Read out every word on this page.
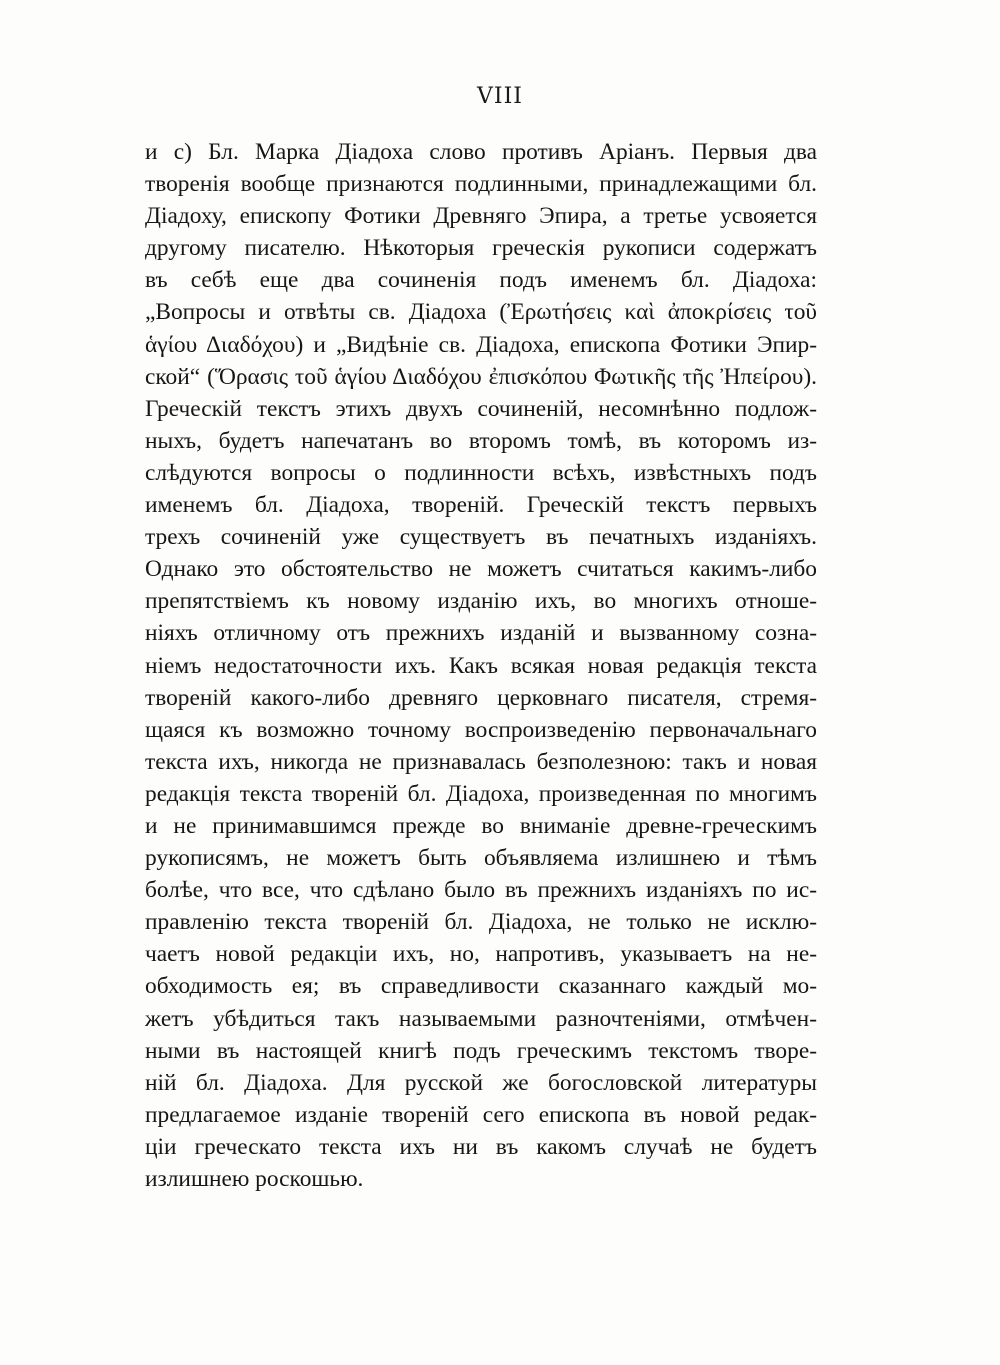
VIII
и с) Бл. Марка Діадоха слово противъ Аріанъ. Первыя два
творенія вообще признаются подлинными, принадлежащими бл.
Діадоху, епископу Фотики Древняго Эпира, а третье усвояется
другому писателю. Нѣкоторыя греческія рукописи содержатъ
въ себѣ еще два сочиненія подъ именемъ бл. Діадоха:
„Вопросы и отвѣты св. Діадоха (Ἐρωτήσεις καὶ ἀποκρίσεις τοῦ
ἁγίου Διαδόχου) и „Видѣніе св. Діадоха, епископа Фотики Эпир-
ской“ (Ὅρασις τοῦ ἁγίου Διαδόχου ἐπισκόπου Φωτικῆς τῆς Ἠπείρου).
Греческій текстъ этихъ двухъ сочиненій, несомнѣнно подлож-
ныхъ, будетъ напечатанъ во второмъ томѣ, въ которомъ из-
слѣдуются вопросы о подлинности всѣхъ, извѣстныхъ подъ
именемъ бл. Діадоха, твореній. Греческій текстъ первыхъ
трехъ сочиненій уже существуетъ въ печатныхъ изданіяхъ.
Однако это обстоятельство не можетъ считаться какимъ-либо
препятствіемъ къ новому изданію ихъ, во многихъ отноше-
ніяхъ отличному отъ прежнихъ изданій и вызванному сознa-
ніемъ недостаточности ихъ. Какъ всякая новая редакція текста
твореній какого-либо древняго церковнаго писателя, стремя-
щаяся къ возможно точному воспроизведенію первоначальнаго
текста ихъ, никогда не признавалась безполезною: такъ и новая
редакція текста твореній бл. Діадоха, произведенная по многимъ
и не принимавшимся прежде во вниманіе древне-греческимъ
рукописямъ, не можетъ быть объявляема излишнею и тѣмъ
болѣе, что все, что сдѣлано было въ прежнихъ изданіяхъ по ис-
правленію текста твореній бл. Діадоха, не только не исклю-
чаетъ новой редакціи ихъ, но, напротивъ, указываетъ на не-
обходимость ея; въ справедливости сказаннаго каждый мо-
жетъ убѣдиться такъ называемыми разночтеніями, отмѣчен-
ными въ настоящей книгѣ подъ греческимъ текстомъ творе-
ній бл. Діадоха. Для русской же богословской литературы
предлагаемое изданіе твореній сего епископа въ новой редак-
ціи греческато текста ихъ ни въ какомъ случаѣ не будетъ
излишнею роскошью.
